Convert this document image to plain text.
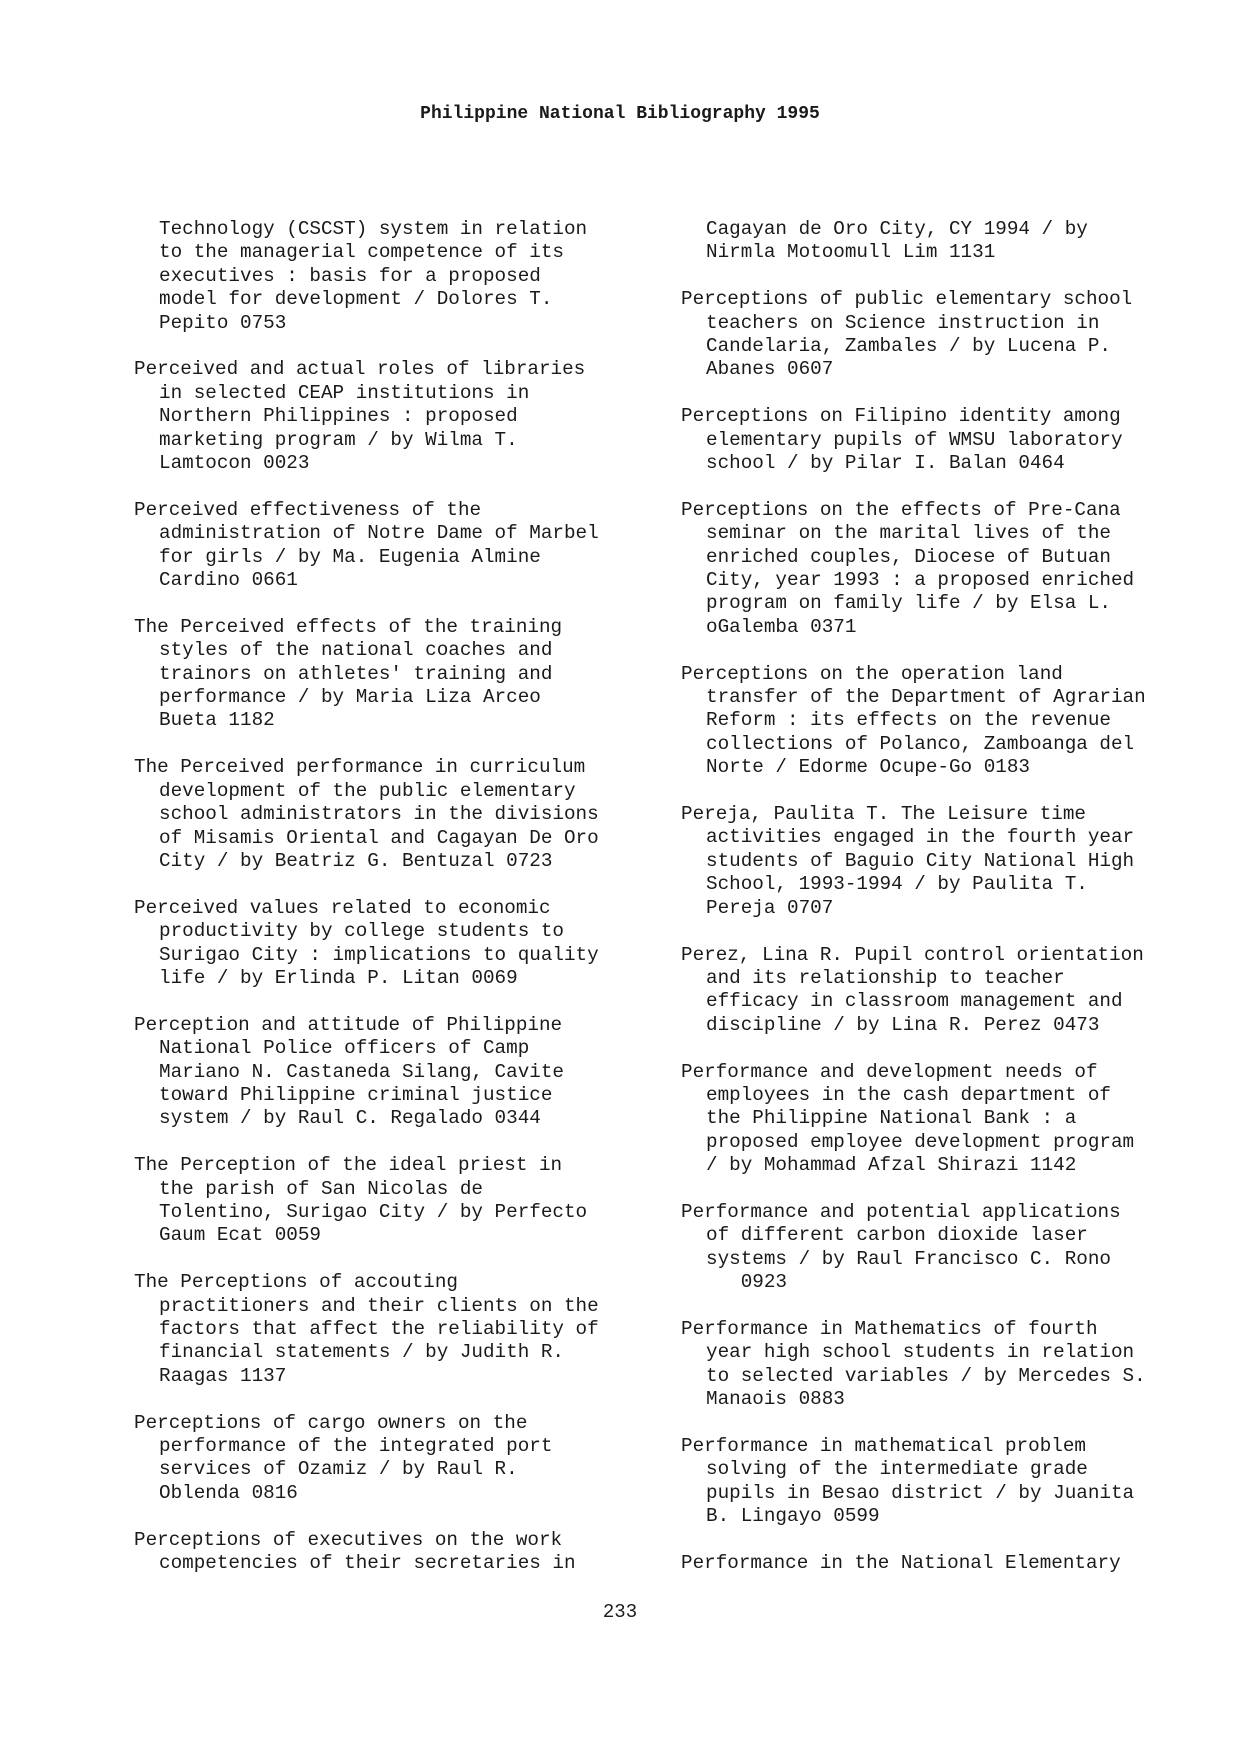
Philippine National Bibliography 1995

Technology (CSCST) system in relation
to the managerial competence of its
executives : basis for a proposed
model for development / Dolores T.
Pepito 0753

Perceived and actual roles of libraries
in selected CEAP institutions in
Northern Philippines : proposed
marketing program / by Wilma T.
Lamtocon 0023

Perceived effectiveness of the
administration of Notre Dame of Marbel
for girls / by Ma. Eugenia Almine
Cardino 0661

The Perceived effects of the training
styles of the national coaches and
trainors on athletes' training and
performance / by Maria Liza Arceo
Bueta 1182

The Perceived performance in curriculum
development of the public elementary
school administrators in the divisions
of Misamis Oriental and Cagayan De Oro
City / by Beatriz G. Bentuzal 0723

Perceived values related to economic
productivity by college students to
Surigao City : implications to quality
life / by Erlinda P. Litan 0069

Perception and attitude of Philippine
National Police officers of Camp
Mariano N. Castaneda Silang, Cavite
toward Philippine criminal justice
system / by Raul C. Regalado 0344

The Perception of the ideal priest in
the parish of San Nicolas de
Tolentino, Surigao City / by Perfecto
Gaum Ecat 0059

The Perceptions of accouting
practitioners and their clients on the
factors that affect the reliability of
financial statements / by Judith R.
Raagas 1137

Perceptions of cargo owners on the
performance of the integrated port
services of Ozamiz / by Raul R.
Oblenda 0816

Perceptions of executives on the work
competencies of their secretaries in

Cagayan de Oro City, CY 1994 / by
Nirmla Motoomull Lim 1131

Perceptions of public elementary school
teachers on Science instruction in
Candelaria, Zambales / by Lucena P.
Abanes 0607

Perceptions on Filipino identity among
elementary pupils of WMSU laboratory
school / by Pilar I. Balan 0464

Perceptions on the effects of Pre-Cana
seminar on the marital lives of the
enriched couples, Diocese of Butuan
City, year 1993 : a proposed enriched
program on family life / by Elsa L.
oGalemba 0371

Perceptions on the operation land
transfer of the Department of Agrarian
Reform : its effects on the revenue
collections of Polanco, Zamboanga del
Norte / Edorme Ocupe-Go 0183

Pereja, Paulita T. The Leisure time
activities engaged in the fourth year
students of Baguio City National High
School, 1993-1994 / by Paulita T.
Pereja 0707

Perez, Lina R. Pupil control orientation
and its relationship to teacher
efficacy in classroom management and
discipline / by Lina R. Perez 0473

Performance and development needs of
employees in the cash department of
the Philippine National Bank : a
proposed employee development program
/ by Mohammad Afzal Shirazi 1142

Performance and potential applications
of different carbon dioxide laser
systems / by Raul Francisco C. Rono
0923

Performance in Mathematics of fourth
year high school students in relation
to selected variables / by Mercedes S.
Manaois 0883

Performance in mathematical problem
solving of the intermediate grade
pupils in Besao district / by Juanita
B. Lingayo 0599

Performance in the National Elementary

233
